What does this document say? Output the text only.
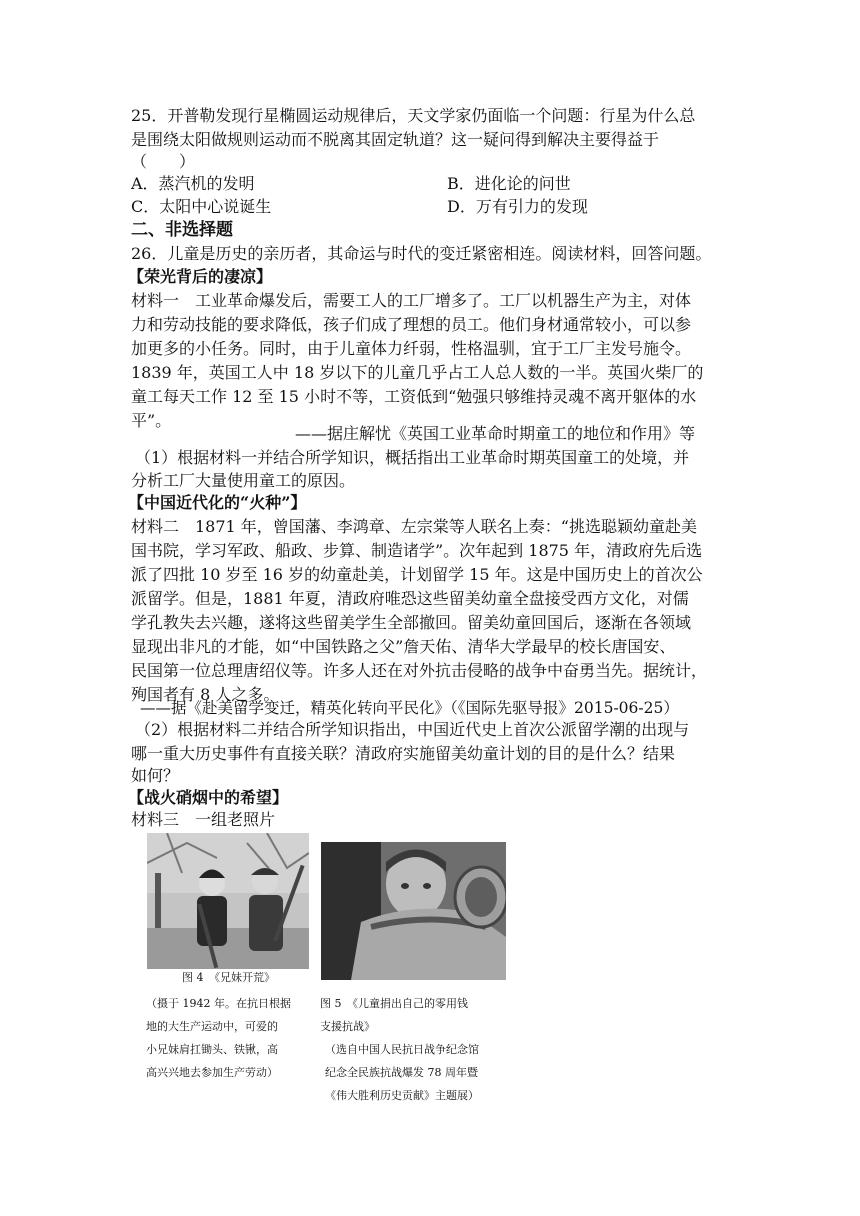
25．开普勒发现行星椭圆运动规律后，天文学家仍面临一个问题：行星为什么总
是围绕太阳做规则运动而不脱离其固定轨道？这一疑问得到解决主要得益于
（　　）
A．蒸汽机的发明	B．进化论的问世
C．太阳中心说诞生	D．万有引力的发现
二、非选择题
26．儿童是历史的亲历者，其命运与时代的变迁紧密相连。阅读材料，回答问题。
【荣光背后的凄凉】
材料一　工业革命爆发后，需要工人的工厂增多了。工厂以机器生产为主，对体
力和劳动技能的要求降低，孩子们成了理想的员工。他们身材通常较小，可以参
加更多的小任务。同时，由于儿童体力纤弱，性格温驯，宜于工厂主发号施令。
1839 年，英国工人中 18 岁以下的儿童几乎占工人总人数的一半。英国火柴厂的
童工每天工作 12 至 15 小时不等，工资低到“勉强只够维持灵魂不离开躯体的水
平”。
——据庄解忧《英国工业革命时期童工的地位和作用》等
（1）根据材料一并结合所学知识，概括指出工业革命时期英国童工的处境，并
分析工厂大量使用童工的原因。
【中国近代化的“火种”】
材料二　1871 年，曾国藩、李鸿章、左宗棠等人联名上奏：“挑选聪颖幼童赴美
国书院，学习军政、船政、步算、制造诸学”。次年起到 1875 年，清政府先后选
派了四批 10 岁至 16 岁的幼童赴美，计划留学 15 年。这是中国历史上的首次公
派留学。但是，1881 年夏，清政府唯恐这些留美幼童全盘接受西方文化，对儒
学孔教失去兴趣，遂将这些留美学生全部撤回。留美幼童回国后，逐渐在各领域
显现出非凡的才能，如“中国铁路之父”詹天佑、清华大学最早的校长唐国安、
民国第一位总理唐绍仪等。许多人还在对外抗击侵略的战争中奋勇当先。据统计，
殉国者有 8 人之多。
——据《赴美留学变迁，精英化转向平民化》（《国际先驱导报》2015-06-25）
（2）根据材料二并结合所学知识指出，中国近代史上首次公派留学潮的出现与
哪一重大历史事件有直接关联？清政府实施留美幼童计划的目的是什么？结果
如何？
【战火硝烟中的希望】
材料三　一组老照片
图 4　《兄妹开荒》
（摄于 1942 年。在抗日根据
地的大生产运动中，可爱的
小兄妹肩扛锄头、铁锹，高
高兴兴地去参加生产劳动）
图 5　《儿童捐出自己的零用钱
支援抗战》
（选自中国人民抗日战争纪念馆
纪念全民族抗战爆发 78 周年暨
《伟大胜利历史贡献》主题展）
